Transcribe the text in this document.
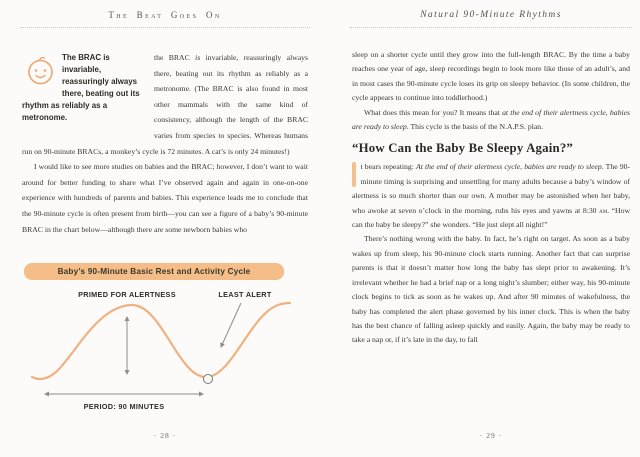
The Beat Goes On
The BRAC is invariable, reassuringly always there, beating out its rhythm as reliably as a metronome.

the BRAC is invariable, reassuringly always there, beating out its rhythm as reliably as a metronome. (The BRAC is also found in most other mammals with the same kind of consistency, although the length of the BRAC varies from species to species. Whereas humans run on 90-minute BRACs, a monkey’s cycle is 72 minutes. A cat’s is only 24 minutes!)

I would like to see more studies on babies and the BRAC; however, I don’t want to wait around for better funding to share what I’ve observed again and again in one-on-one experience with hundreds of parents and babies. This experience leads me to conclude that the 90-minute cycle is often present from birth—you can see a figure of a baby’s 90-minute BRAC in the chart below—although there are some newborn babies who

Baby’s 90-Minute Basic Rest and Activity Cycle
PRIMED FOR ALERTNESS	LEAST ALERT
PERIOD: 90 MINUTES
· 28 ·
Natural 90-Minute Rhythms

sleep on a shorter cycle until they grow into the full-length BRAC. By the time a baby reaches one year of age, sleep recordings begin to look more like those of an adult’s, and in most cases the 90-minute cycle loses its grip on sleepy behavior. (In some children, the cycle appears to continue into toddlerhood.)

What does this mean for you? It means that at the end of their alertness cycle, babies are ready to sleep. This cycle is the basis of the N.A.P.S. plan.

“How Can the Baby Be Sleepy Again?”

t bears repeating: At the end of their alertness cycle, babies are ready to sleep. The 90-minute timing is surprising and unsettling for many adults because a baby’s window of alertness is so much shorter than our own. A mother may be astonished when her baby, who awoke at seven o’clock in the morning, rubs his eyes and yawns at 8:30 am. “How can the baby be sleepy?” she wonders. “He just slept all night!”

There’s nothing wrong with the baby. In fact, he’s right on target. As soon as a baby wakes up from sleep, his 90-minute clock starts running. Another fact that can surprise parents is that it doesn’t matter how long the baby has slept prior to awakening. It’s irrelevant whether he had a brief nap or a long night’s slumber; either way, his 90-minute clock begins to tick as soon as he wakes up. And after 90 minutes of wakefulness, the baby has completed the alert phase governed by his inner clock. This is when the baby has the best chance of falling asleep quickly and easily. Again, the baby may be ready to take a nap or, if it’s late in the day, to fall

· 29 ·
